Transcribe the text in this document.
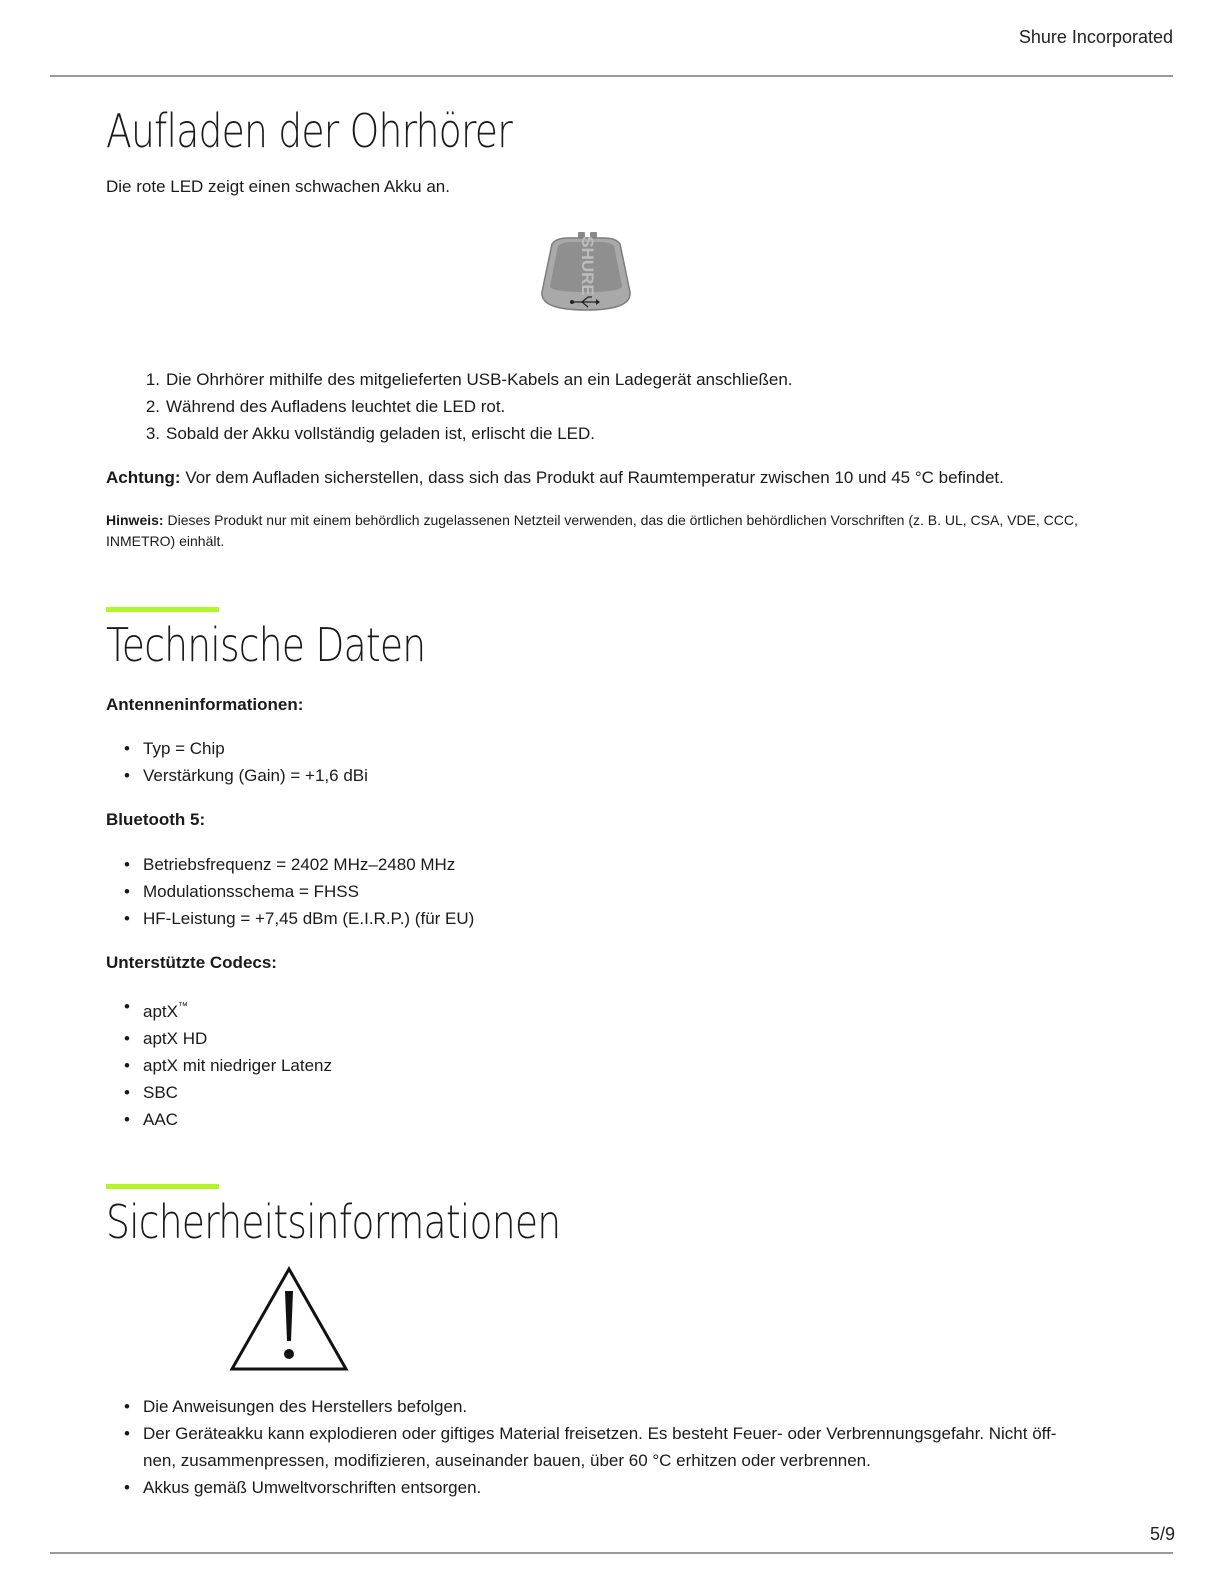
Shure Incorporated
Aufladen der Ohrhörer

Die rote LED zeigt einen schwachen Akku an.

SHURE
1. Die Ohrhörer mithilfe des mitgelieferten USB-Kabels an ein Ladegerät anschließen.
2. Während des Aufladens leuchtet die LED rot.
3. Sobald der Akku vollständig geladen ist, erlischt die LED.

Achtung: Vor dem Aufladen sicherstellen, dass sich das Produkt auf Raumtemperatur zwischen 10 und 45 °C befindet.

Hinweis: Dieses Produkt nur mit einem behördlich zugelassenen Netzteil verwenden, das die örtlichen behördlichen Vorschriften (z. B. UL, CSA, VDE, CCC, INMETRO) einhält.

Technische Daten

Antenneninformationen:

• Typ = Chip
• Verstärkung (Gain) = +1,6 dBi

Bluetooth 5:

• Betriebsfrequenz = 2402 MHz–2480 MHz
• Modulationsschema = FHSS
• HF-Leistung = +7,45 dBm (E.I.R.P.) (für EU)

Unterstützte Codecs:

• aptX™
• aptX HD
• aptX mit niedriger Latenz
• SBC
• AAC
Sicherheitsinformationen
• Die Anweisungen des Herstellers befolgen.
• Der Geräteakku kann explodieren oder giftiges Material freisetzen. Es besteht Feuer- oder Verbrennungsgefahr. Nicht öff-
nen, zusammenpressen, modifizieren, auseinander bauen, über 60 °C erhitzen oder verbrennen.
• Akkus gemäß Umweltvorschriften entsorgen.
5/9
